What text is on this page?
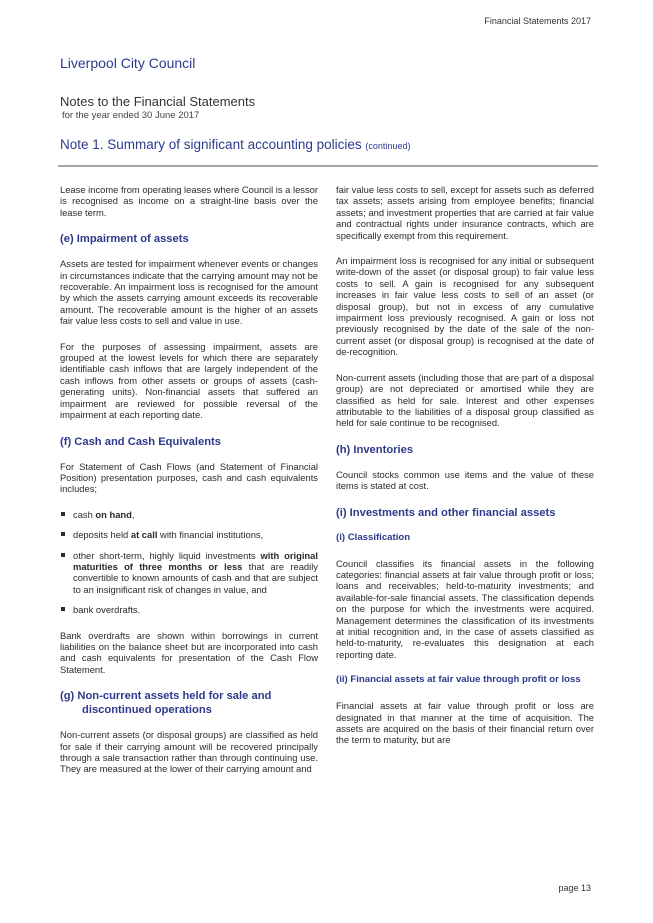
Financial Statements 2017
Liverpool City Council
Notes to the Financial Statements
for the year ended 30 June 2017
Note 1. Summary of significant accounting policies (continued)

Lease income from operating leases where Council is a lessor is recognised as income on a straight-line basis over the lease term.

(e) Impairment of assets

Assets are tested for impairment whenever events or changes in circumstances indicate that the carrying amount may not be recoverable. An impairment loss is recognised for the amount by which the assets carrying amount exceeds its recoverable amount. The recoverable amount is the higher of an assets fair value less costs to sell and value in use.

For the purposes of assessing impairment, assets are grouped at the lowest levels for which there are separately identifiable cash inflows that are largely independent of the cash inflows from other assets or groups of assets (cash-generating units). Non-financial assets that suffered an impairment are reviewed for possible reversal of the impairment at each reporting date.

(f) Cash and Cash Equivalents

For Statement of Cash Flows (and Statement of Financial Position) presentation purposes, cash and cash equivalents includes;

cash on hand,
deposits held at call with financial institutions,
other short-term, highly liquid investments with original maturities of three months or less that are readily convertible to known amounts of cash and that are subject to an insignificant risk of changes in value, and
bank overdrafts.

Bank overdrafts are shown within borrowings in current liabilities on the balance sheet but are incorporated into cash and cash equivalents for presentation of the Cash Flow Statement.

(g) Non-current assets held for sale and discontinued operations

Non-current assets (or disposal groups) are classified as held for sale if their carrying amount will be recovered principally through a sale transaction rather than through continuing use. They are measured at the lower of their carrying amount and

fair value less costs to sell, except for assets such as deferred tax assets; assets arising from employee benefits; financial assets; and investment properties that are carried at fair value and contractual rights under insurance contracts, which are specifically exempt from this requirement.

An impairment loss is recognised for any initial or subsequent write-down of the asset (or disposal group) to fair value less costs to sell. A gain is recognised for any subsequent increases in fair value less costs to sell of an asset (or disposal group), but not in excess of any cumulative impairment loss previously recognised. A gain or loss not previously recognised by the date of the sale of the non-current asset (or disposal group) is recognised at the date of de-recognition.

Non-current assets (including those that are part of a disposal group) are not depreciated or amortised while they are classified as held for sale. Interest and other expenses attributable to the liabilities of a disposal group classified as held for sale continue to be recognised.

(h) Inventories

Council stocks common use items and the value of these items is stated at cost.

(i) Investments and other financial assets
(i) Classification

Council classifies its financial assets in the following categories: financial assets at fair value through profit or loss; loans and receivables; held-to-maturity investments; and available-for-sale financial assets. The classification depends on the purpose for which the investments were acquired. Management determines the classification of its investments at initial recognition and, in the case of assets classified as held-to-maturity, re-evaluates this designation at each reporting date.

(ii) Financial assets at fair value through profit or loss

Financial assets at fair value through profit or loss are designated in that manner at the time of acquisition. The assets are acquired on the basis of their financial return over the term to maturity, but are

page 13
